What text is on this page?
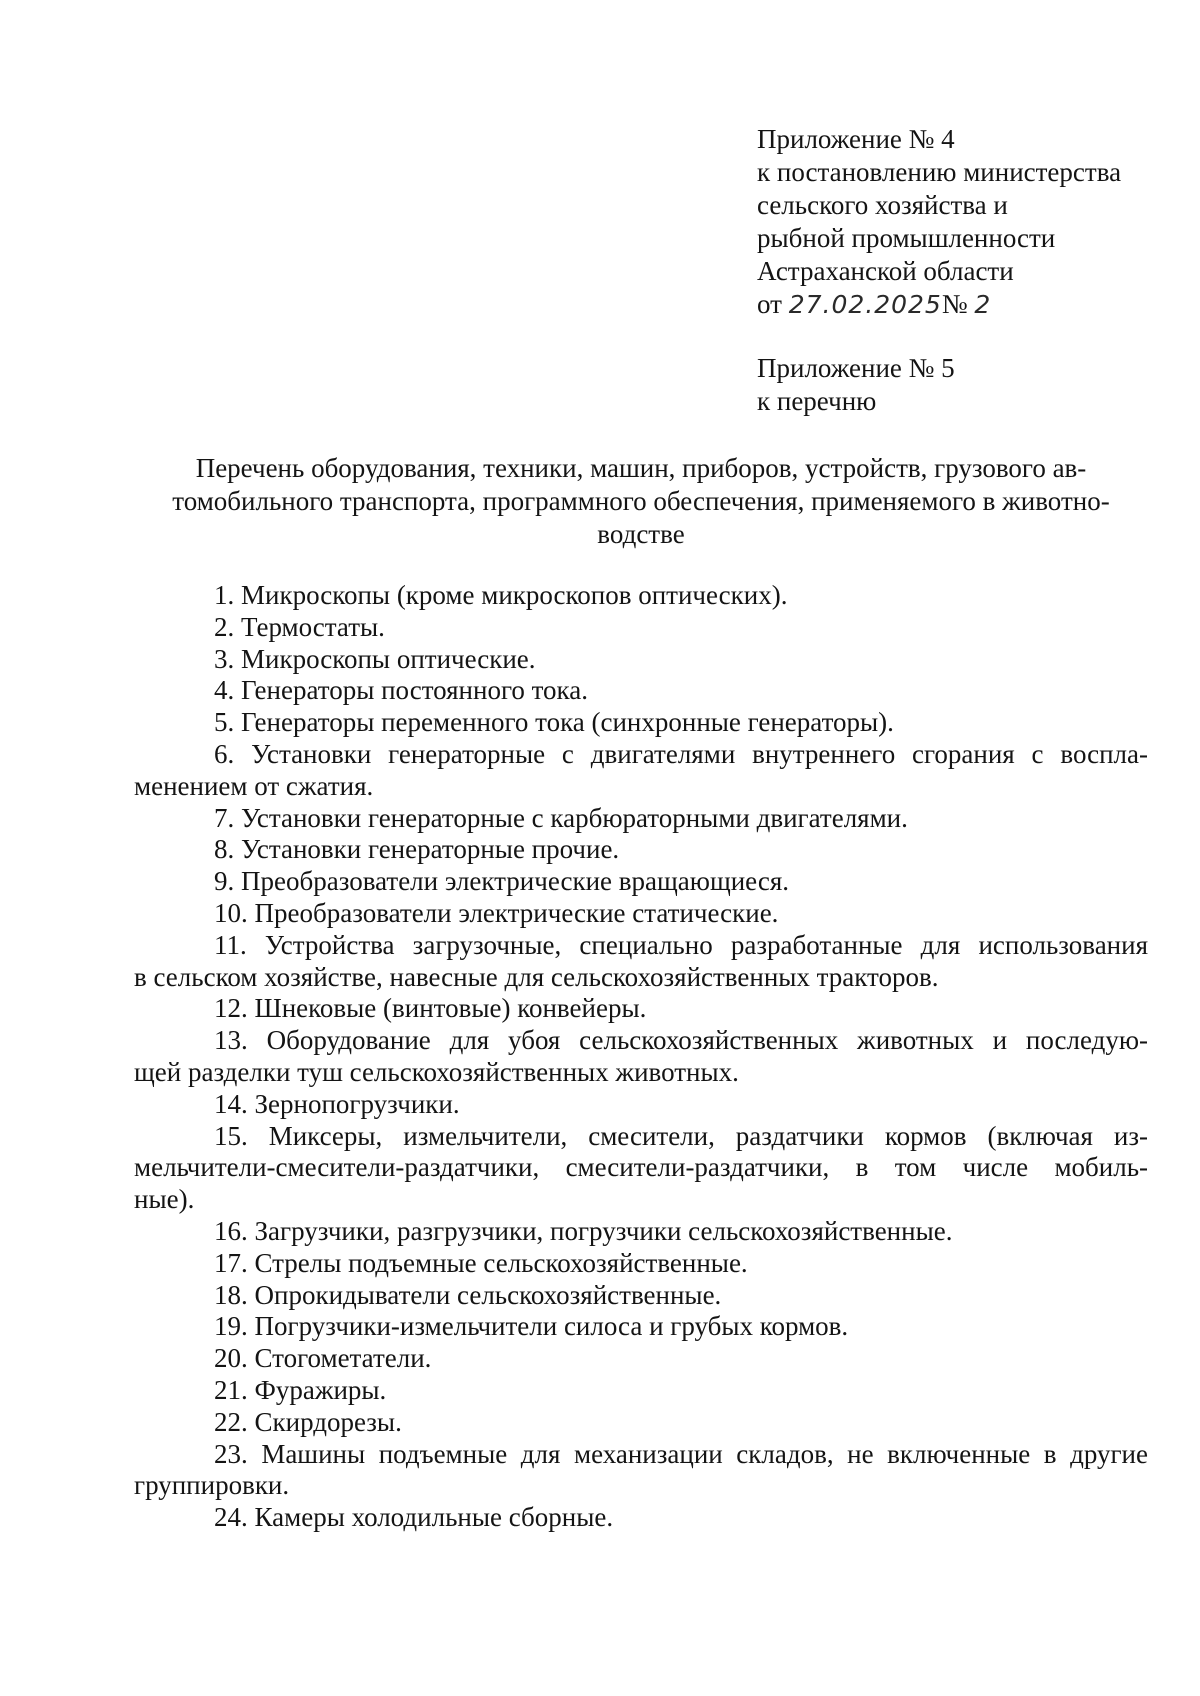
Приложение № 4
к постановлению министерства
сельского хозяйства и
рыбной промышленности
Астраханской области
от 27.02.2025№ 2
Приложение № 5
к перечню
Перечень оборудования, техники, машин, приборов, устройств, грузового ав-
томобильного транспорта, программного обеспечения, применяемого в животно-
водстве
1. Микроскопы (кроме микроскопов оптических).
2. Термостаты.
3. Микроскопы оптические.
4. Генераторы постоянного тока.
5. Генераторы переменного тока (синхронные генераторы).
6. Установки генераторные с двигателями внутреннего сгорания с воспла-
менением от сжатия.
7. Установки генераторные с карбюраторными двигателями.
8. Установки генераторные прочие.
9. Преобразователи электрические вращающиеся.
10. Преобразователи электрические статические.
11. Устройства загрузочные, специально разработанные для использования
в сельском хозяйстве, навесные для сельскохозяйственных тракторов.
12. Шнековые (винтовые) конвейеры.
13. Оборудование для убоя сельскохозяйственных животных и последую-
щей разделки туш сельскохозяйственных животных.
14. Зернопогрузчики.
15. Миксеры, измельчители, смесители, раздатчики кормов (включая из-
мельчители-смесители-раздатчики, смесители-раздатчики, в том числе мобиль-
ные).
16. Загрузчики, разгрузчики, погрузчики сельскохозяйственные.
17. Стрелы подъемные сельскохозяйственные.
18. Опрокидыватели сельскохозяйственные.
19. Погрузчики-измельчители силоса и грубых кормов.
20. Стогометатели.
21. Фуражиры.
22. Скирдорезы.
23. Машины подъемные для механизации складов, не включенные в другие
группировки.
24. Камеры холодильные сборные.
